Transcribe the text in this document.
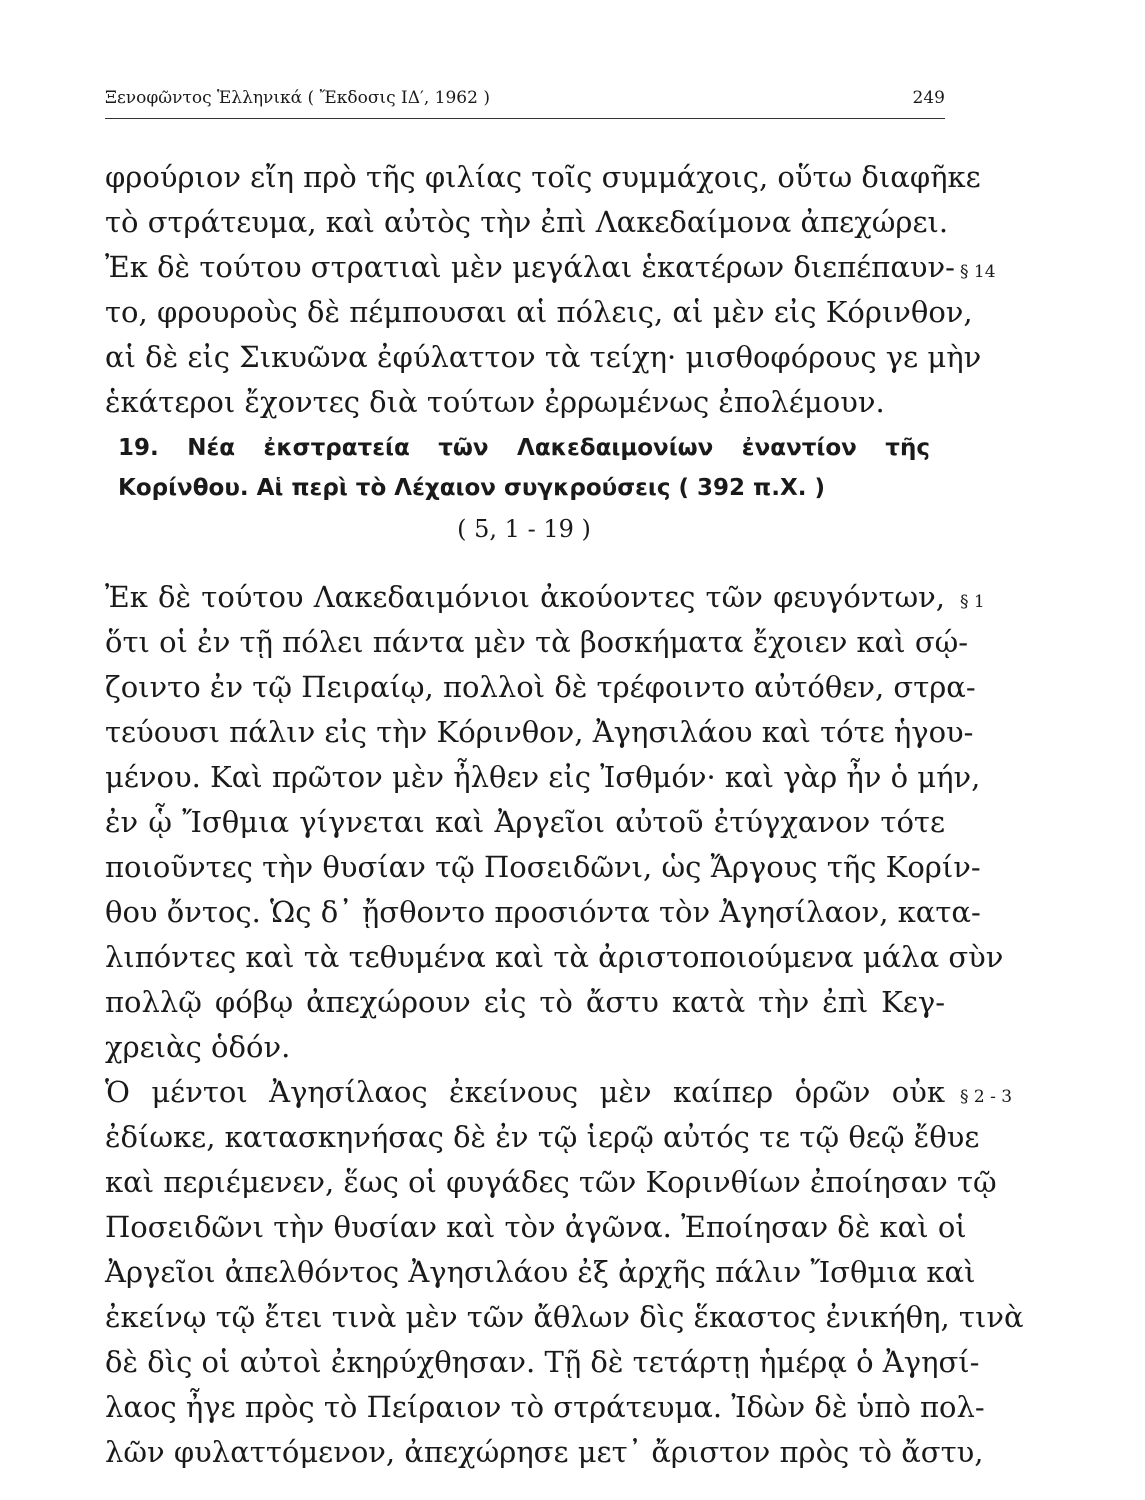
Ξενοφῶντος Ἑλληνικά ( Ἔκδοσις ΙΔ′, 1962 )	249
φρούριον εἴη πρὸ τῆς φιλίας τοῖς συμμάχοις, οὕτω διαφῆκε
τὸ στράτευμα, καὶ αὐτὸς τὴν ἐπὶ Λακεδαίμονα ἀπεχώρει.
Ἐκ δὲ τούτου στρατιαὶ μὲν μεγάλαι ἑκατέρων διεπέπαυν-
το, φρουροὺς δὲ πέμπουσαι αἱ πόλεις, αἱ μὲν εἰς Κόρινθον,
αἱ δὲ εἰς Σικυῶνα ἐφύλαττον τὰ τείχη· μισθοφόρους γε μὴν
ἑκάτεροι ἔχοντες διὰ τούτων ἐρρωμένως ἐπολέμουν.
19. Νέα ἐκστρατεία τῶν Λακεδαιμονίων ἐναντίον τῆς
Κορίνθου. Αἱ περὶ τὸ Λέχαιον συγκρούσεις ( 392 π.Χ. )
( 5, 1 - 19 )
Ἐκ δὲ τούτου Λακεδαιμόνιοι ἀκούοντες τῶν φευγόντων,
ὅτι οἱ ἐν τῇ πόλει πάντα μὲν τὰ βοσκήματα ἔχοιεν καὶ σῴ-
ζοιντο ἐν τῷ Πειραίῳ, πολλοὶ δὲ τρέφοιντο αὐτόθεν, στρα-
τεύουσι πάλιν εἰς τὴν Κόρινθον, Ἀγησιλάου καὶ τότε ἡγου-
μένου. Καὶ πρῶτον μὲν ἦλθεν εἰς Ἰσθμόν· καὶ γὰρ ἦν ὁ μήν,
ἐν ᾧ Ἴσθμια γίγνεται καὶ Ἀργεῖοι αὐτοῦ ἐτύγχανον τότε
ποιοῦντες τὴν θυσίαν τῷ Ποσειδῶνι, ὡς Ἄργους τῆς Κορίν-
θου ὄντος. Ὡς δ᾽ ᾔσθοντο προσιόντα τὸν Ἀγησίλαον, κατα-
λιπόντες καὶ τὰ τεθυμένα καὶ τὰ ἀριστοποιούμενα μάλα σὺν
πολλῷ φόβῳ ἀπεχώρουν εἰς τὸ ἄστυ κατὰ τὴν ἐπὶ Κεγ-
χρειὰς ὁδόν.
Ὁ μέντοι Ἀγησίλαος ἐκείνους μὲν καίπερ ὁρῶν οὐκ
ἐδίωκε, κατασκηνήσας δὲ ἐν τῷ ἱερῷ αὐτός τε τῷ θεῷ ἔθυε
καὶ περιέμενεν, ἕως οἱ φυγάδες τῶν Κορινθίων ἐποίησαν τῷ
Ποσειδῶνι τὴν θυσίαν καὶ τὸν ἀγῶνα. Ἐποίησαν δὲ καὶ οἱ
Ἀργεῖοι ἀπελθόντος Ἀγησιλάου ἐξ ἀρχῆς πάλιν Ἴσθμια καὶ
ἐκείνῳ τῷ ἔτει τινὰ μὲν τῶν ἄθλων δὶς ἕκαστος ἐνικήθη, τινὰ
δὲ δὶς οἱ αὐτοὶ ἐκηρύχθησαν. Τῇ δὲ τετάρτῃ ἡμέρᾳ ὁ Ἀγησί-
λαος ἦγε πρὸς τὸ Πείραιον τὸ στράτευμα. Ἰδὼν δὲ ὑπὸ πολ-
λῶν φυλαττόμενον, ἀπεχώρησε μετ᾽ ἄριστον πρὸς τὸ ἄστυ,
§ 14
§ 1
§ 2 - 3
